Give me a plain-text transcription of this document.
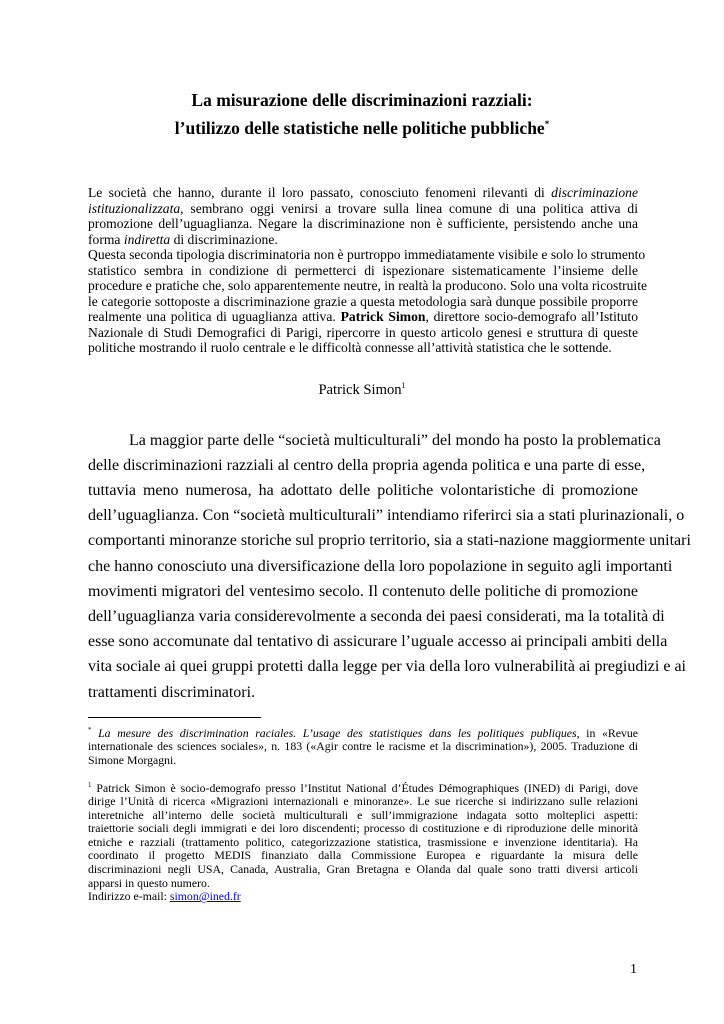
La misurazione delle discriminazioni razziali:
l’utilizzo delle statistiche nelle politiche pubbliche*
Le società che hanno, durante il loro passato, conosciuto fenomeni rilevanti di discriminazione
istituzionalizzata, sembrano oggi venirsi a trovare sulla linea comune di una politica attiva di
promozione dell’uguaglianza. Negare la discriminazione non è sufficiente, persistendo anche una
forma indiretta di discriminazione.
Questa seconda tipologia discriminatoria non è purtroppo immediatamente visibile e solo lo strumento
statistico sembra in condizione di permetterci di ispezionare sistematicamente l’insieme delle
procedure e pratiche che, solo apparentemente neutre, in realtà la producono. Solo una volta ricostruite
le categorie sottoposte a discriminazione grazie a questa metodologia sarà dunque possibile proporre
realmente una politica di uguaglianza attiva. Patrick Simon, direttore socio-demografo all’Istituto
Nazionale di Studi Demografici di Parigi, ripercorre in questo articolo genesi e struttura di queste
politiche mostrando il ruolo centrale e le difficoltà connesse all’attività statistica che le sottende.
Patrick Simon$^1$
La maggior parte delle “società multiculturali” del mondo ha posto la problematica
delle discriminazioni razziali al centro della propria agenda politica e una parte di esse,
tuttavia meno numerosa, ha adottato delle politiche volontaristiche di promozione
dell’uguaglianza. Con “società multiculturali” intendiamo riferirci sia a stati plurinazionali, o
comportanti minoranze storiche sul proprio territorio, sia a stati-nazione maggiormente unitari
che hanno conosciuto una diversificazione della loro popolazione in seguito agli importanti
movimenti migratori del ventesimo secolo. Il contenuto delle politiche di promozione
dell’uguaglianza varia considerevolmente a seconda dei paesi considerati, ma la totalità di
esse sono accomunate dal tentativo di assicurare l’uguale accesso ai principali ambiti della
vita sociale ai quei gruppi protetti dalla legge per via della loro vulnerabilità ai pregiudizi e ai
trattamenti discriminatori.
* La mesure des discrimination raciales. L’usage des statistiques dans les politiques publiques, in «Revue
internationale des sciences sociales», n. 183 («Agir contre le racisme et la discrimination»), 2005. Traduzione di
Simone Morgagni.
$^1$ Patrick Simon è socio-demografo presso l’Institut National d’Études Démographiques (INED) di Parigi, dove
dirige l’Unità di ricerca «Migrazioni internazionali e minoranze». Le sue ricerche si indirizzano sulle relazioni
interetniche all’interno delle società multiculturali e sull’immigrazione indagata sotto molteplici aspetti:
traiettorie sociali degli immigrati e dei loro discendenti; processo di costituzione e di riproduzione delle minorità
etniche e razziali (trattamento politico, categorizzazione statistica, trasmissione e invenzione identitaria). Ha
coordinato il progetto MEDIS finanziato dalla Commissione Europea e riguardante la misura delle
discriminazioni negli USA, Canada, Australia, Gran Bretagna e Olanda dal quale sono tratti diversi articoli
apparsi in questo numero.
Indirizzo e-mail: simon@ined.fr
1
